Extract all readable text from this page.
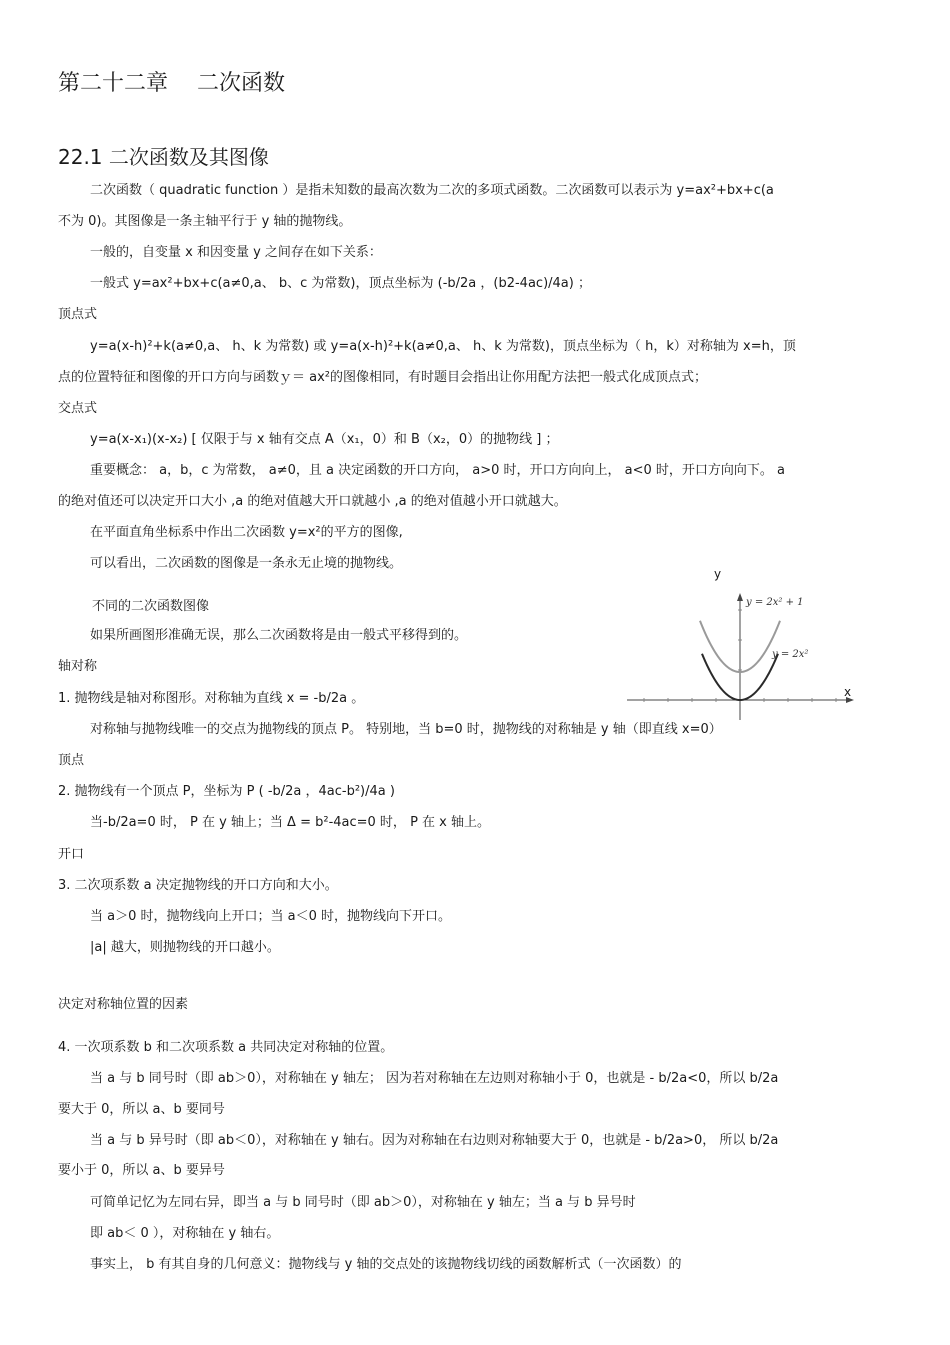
第二十二章　 二次函数
22.1 二次函数及其图像
二次函数（ quadratic function ）是指未知数的最高次数为二次的多项式函数。二次函数可以表示为 y=ax²+bx+c(a
不为 0)。其图像是一条主轴平行于 y 轴的抛物线。
一般的，自变量 x 和因变量 y 之间存在如下关系：
一般式 y=ax²+bx+c(a≠0,a、 b、c 为常数)，顶点坐标为 (-b/2a ，(b2-4ac)/4a) ；
顶点式
y=a(x-h)²+k(a≠0,a、 h、k 为常数) 或 y=a(x-h)²+k(a≠0,a、 h、k 为常数)，顶点坐标为（ h，k）对称轴为 x=h，顶
点的位置特征和图像的开口方向与函数ｙ＝ ax²的图像相同，有时题目会指出让你用配方法把一般式化成顶点式；
交点式
y=a(x-x₁)(x-x₂) [ 仅限于与 x 轴有交点 A（x₁，0）和 B（x₂，0）的抛物线 ] ；
重要概念： a，b，c 为常数， a≠0，且 a 决定函数的开口方向， a>0 时，开口方向向上， a<0 时，开口方向向下。 a
的绝对值还可以决定开口大小 ,a 的绝对值越大开口就越小 ,a 的绝对值越小开口就越大。
在平面直角坐标系中作出二次函数 y=x²的平方的图像,
可以看出，二次函数的图像是一条永无止境的抛物线。
不同的二次函数图像
如果所画图形准确无误，那么二次函数将是由一般式平移得到的。
轴对称
1. 抛物线是轴对称图形。对称轴为直线 x = -b/2a 。
对称轴与抛物线唯一的交点为抛物线的顶点 P。 特别地，当 b=0 时，抛物线的对称轴是 y 轴（即直线 x=0）
顶点
2. 抛物线有一个顶点 P，坐标为 P ( -b/2a ，4ac-b²)/4a )
当-b/2a=0 时， P 在 y 轴上；当 Δ = b²-4ac=0 时， P 在 x 轴上。
开口
3. 二次项系数 a 决定抛物线的开口方向和大小。
当 a＞0 时，抛物线向上开口；当 a＜0 时，抛物线向下开口。
|a| 越大，则抛物线的开口越小。
决定对称轴位置的因素
4. 一次项系数 b 和二次项系数 a 共同决定对称轴的位置。
当 a 与 b 同号时（即 ab＞0），对称轴在 y 轴左； 因为若对称轴在左边则对称轴小于 0，也就是 - b/2a<0，所以 b/2a
要大于 0，所以 a、b 要同号
当 a 与 b 异号时（即 ab＜0），对称轴在 y 轴右。因为对称轴在右边则对称轴要大于 0，也就是 - b/2a>0， 所以 b/2a
要小于 0，所以 a、b 要异号
可简单记忆为左同右异，即当 a 与 b 同号时（即 ab＞0），对称轴在 y 轴左；当 a 与 b 异号时
即 ab＜ 0 ），对称轴在 y 轴右。
事实上， b 有其自身的几何意义：抛物线与 y 轴的交点处的该抛物线切线的函数解析式（一次函数）的
y = 2x² + 1
y = 2x²
y
x
